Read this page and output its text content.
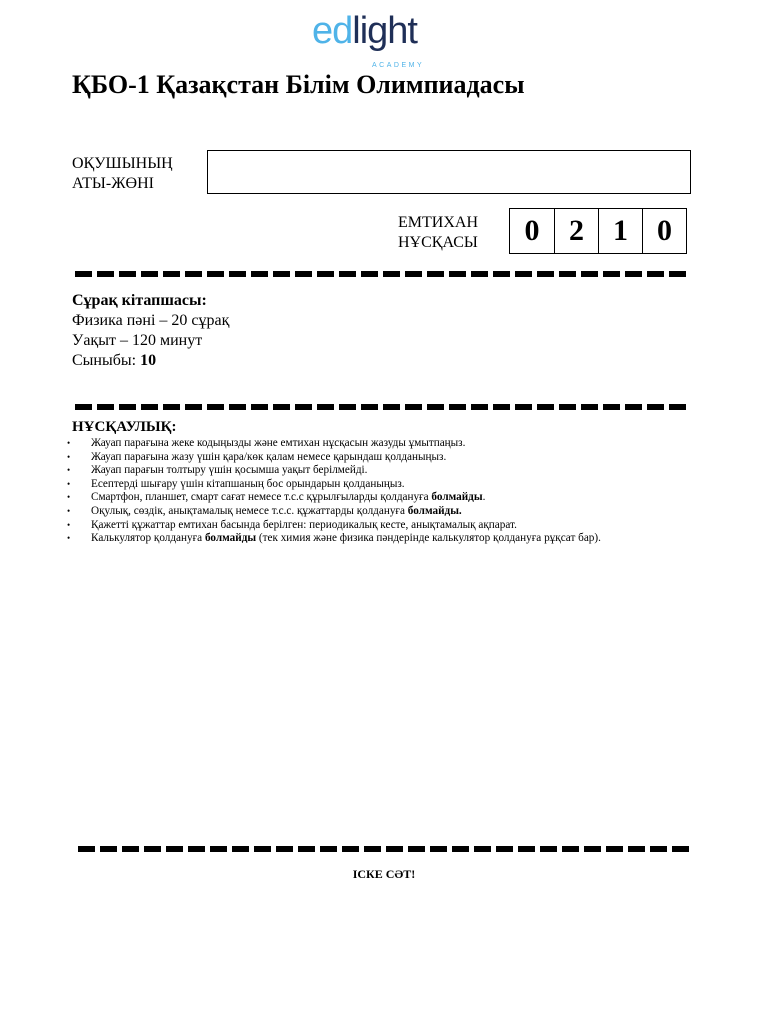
edlight
ACADEMY
ҚБО-1 Қазақстан Білім Олимпиадасы
ОҚУШЫНЫҢ
АТЫ-ЖӨНІ
ЕМТИХАН
НҰСҚАСЫ	0 2 1 0
Сұрақ кітапшасы:
Физика пәні – 20 сұрақ
Уақыт – 120 минут
Сыныбы: 10
НҰСҚАУЛЫҚ:
• Жауап парағына жеке кодыңызды және емтихан нұсқасын жазуды ұмытпаңыз.
• Жауап парағына жазу үшін қара/көк қалам немесе қарындаш қолданыңыз.
• Жауап парағын толтыру үшін қосымша уақыт берілмейді.
• Есептерді шығару үшін кітапшаның бос орындарын қолданыңыз.
• Смартфон, планшет, смарт сағат немесе т.с.с құрылғыларды қолдануға болмайды.
• Оқулық, сөздік, анықтамалық немесе т.с.с. құжаттарды қолдануға болмайды.
• Қажетті құжаттар емтихан басында берілген: периодикалық кесте, анықтамалық ақпарат.
• Калькулятор қолдануға болмайды (тек химия және физика пәндерінде калькулятор қолдануға рұқсат бар).
ІСКЕ СӘТ!
